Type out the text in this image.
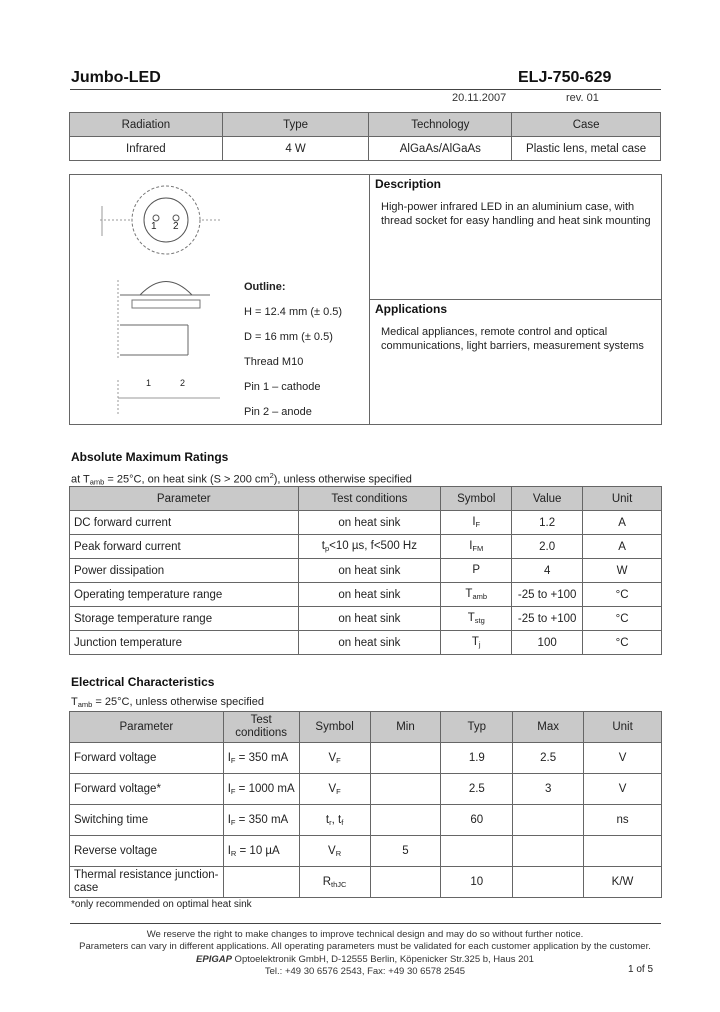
Jumbo-LED	ELJ-750-629
20.11.2007	rev. 01
Radiation	Type	Technology	Case
Infrared	4 W	AlGaAs/AlGaAs	Plastic lens, metal case
1 2
1	2
Outline:
H = 12.4 mm (± 0.5)
D = 16 mm (± 0.5)
Thread M10
Pin 1 – cathode
Pin 2 – anode
Description
High-power infrared LED in an aluminium case, with thread socket for easy handling and heat sink mounting
Applications
Medical appliances, remote control and optical communications, light barriers, measurement systems
Absolute Maximum Ratings
at $T_{amb} = 25^\circ C$, on heat sink (S > 200 $cm^2$), unless otherwise specified
Parameter	Test conditions	Symbol	Value	Unit
DC forward current	on heat sink	$I_F$	1.2	A
Peak forward current	$t_p<10$ µs, f<500 Hz	$I_{FM}$	2.0	A
Power dissipation	on heat sink	P	4	W
Operating temperature range	on heat sink	$T_{amb}$	-25 to +100	°C
Storage temperature range	on heat sink	$T_{stg}$	-25 to +100	°C
Junction temperature	on heat sink	$T_j$	100	°C
Electrical Characteristics
$T_{amb} = 25^\circ C$, unless otherwise specified
Parameter	Test conditions	Symbol	Min	Typ	Max	Unit
Forward voltage	$I_F = 350$ mA	$V_F$		1.9	2.5	V
Forward voltage*	$I_F = 1000$ mA	$V_F$		2.5	3	V
Switching time	$I_F = 350$ mA	$t_r$, $t_f$		60		ns
Reverse voltage	$I_R = 10$ µA	$V_R$	5			
Thermal resistance junction-case		$R_{thJC}$		10		K/W
*only recommended on optimal heat sink
We reserve the right to make changes to improve technical design and may do so without further notice.
Parameters can vary in different applications. All operating parameters must be validated for each customer application by the customer.
EPIGAP Optoelektronik GmbH, D-12555 Berlin, Köpenicker Str.325 b, Haus 201
Tel.: +49 30 6576 2543, Fax: +49 30 6578 2545	1 of 5
